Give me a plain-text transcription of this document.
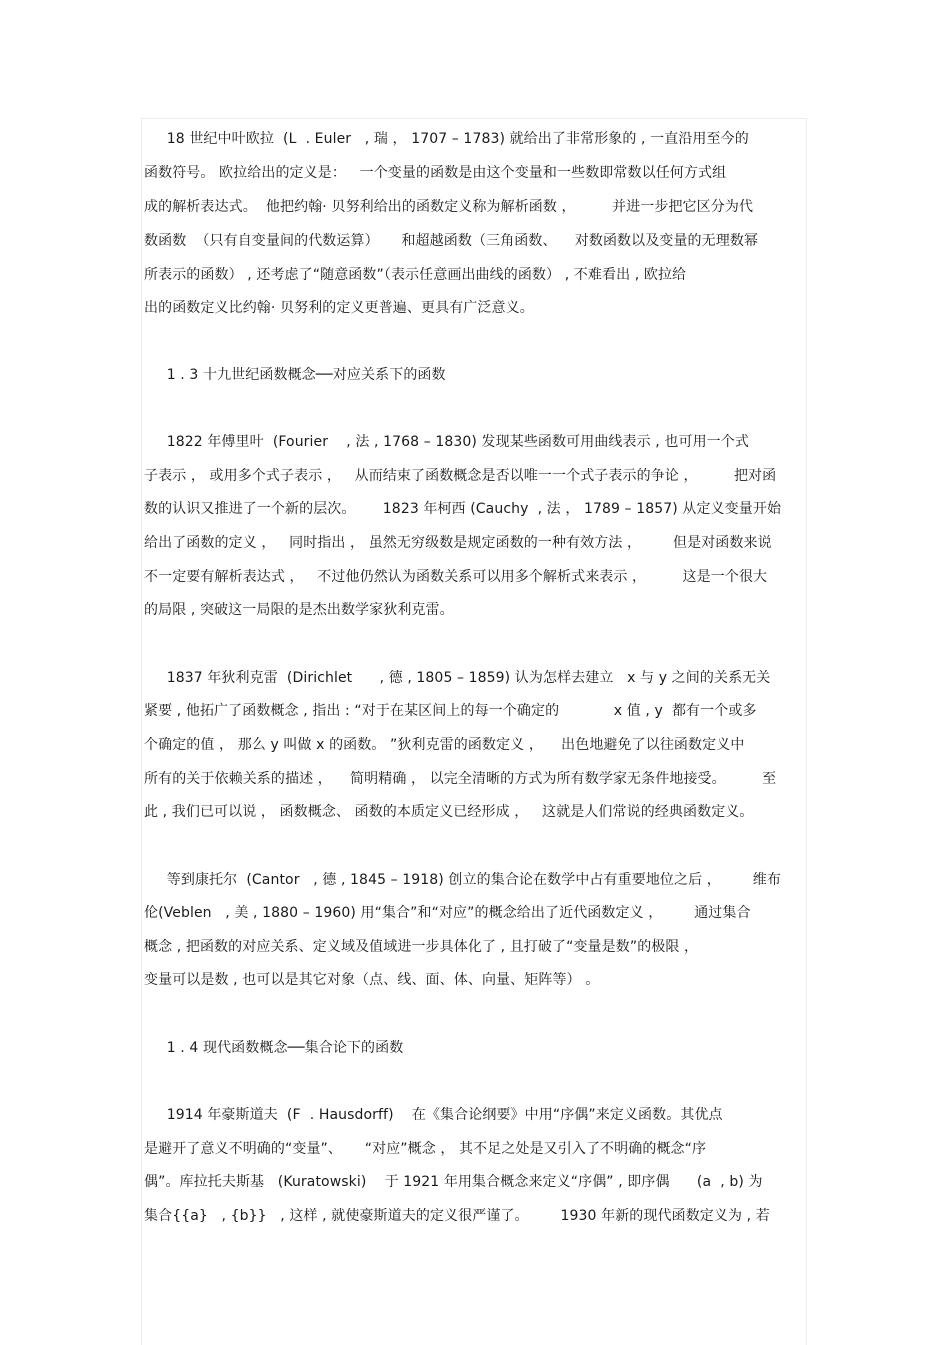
18 世纪中叶欧拉  (L  . Euler   , 瑞 ， 1707 – 1783) 就给出了非常形象的 , 一直沿用至今的
函数符号。 欧拉给出的定义是：   一个变量的函数是由这个变量和一些数即常数以任何方式组
成的解析表达式。  他把约翰· 贝努利给出的函数定义称为解析函数 ，        并进一步把它区分为代
数函数  （只有自变量间的代数运算）     和超越函数（三角函数、    对数函数以及变量的无理数幂
所表示的函数） , 还考虑了“随意函数”（表示任意画出曲线的函数） , 不难看出 , 欧拉给
出的函数定义比约翰· 贝努利的定义更普遍、更具有广泛意义。
1 . 3 十九世纪函数概念──对应关系下的函数
1822 年傅里叶  (Fourier    , 法 , 1768 – 1830) 发现某些函数可用曲线表示 , 也可用一个式
子表示 ， 或用多个式子表示 ，   从而结束了函数概念是否以唯一一个式子表示的争论 ，        把对函
数的认识又推进了一个新的层次。      1823 年柯西 (Cauchy  , 法 ， 1789 – 1857) 从定义变量开始
给出了函数的定义 ，   同时指出 ， 虽然无穷级数是规定函数的一种有效方法 ，       但是对函数来说
不一定要有解析表达式 ，   不过他仍然认为函数关系可以用多个解析式来表示 ，        这是一个很大
的局限 , 突破这一局限的是杰出数学家狄利克雷。
1837 年狄利克雷  (Dirichlet      , 德 , 1805 – 1859) 认为怎样去建立   x 与 y 之间的关系无关
紧要 , 他拓广了函数概念 , 指出 : “对于在某区间上的每一个确定的            x 值 , y  都有一个或多
个确定的值 ， 那么 y 叫做 x 的函数。 ”狄利克雷的函数定义 ，    出色地避免了以往函数定义中
所有的关于依赖关系的描述 ，    简明精确 ， 以完全清晰的方式为所有数学家无条件地接受。        至
此 , 我们已可以说 ， 函数概念、 函数的本质定义已经形成 ，   这就是人们常说的经典函数定义。
等到康托尔  (Cantor   , 德 , 1845 – 1918) 创立的集合论在数学中占有重要地位之后 ，       维布
伦(Veblen   , 美 , 1880 – 1960) 用“集合”和“对应”的概念给出了近代函数定义 ，       通过集合
概念 , 把函数的对应关系、定义域及值域进一步具体化了 , 且打破了“变量是数”的极限 ，
变量可以是数 , 也可以是其它对象（点、线、面、体、向量、矩阵等） 。
1 . 4 现代函数概念──集合论下的函数
1914 年豪斯道夫  (F  . Hausdorff)    在《集合论纲要》中用“序偶”来定义函数。其优点
是避开了意义不明确的“变量”、     “对应”概念 ， 其不足之处是又引入了不明确的概念“序
偶”。库拉托夫斯基   (Kuratowski)    于 1921 年用集合概念来定义“序偶” , 即序偶      (a  , b) 为
集合{{a}   , {b}}   , 这样 , 就使豪斯道夫的定义很严谨了。       1930 年新的现代函数定义为 , 若
